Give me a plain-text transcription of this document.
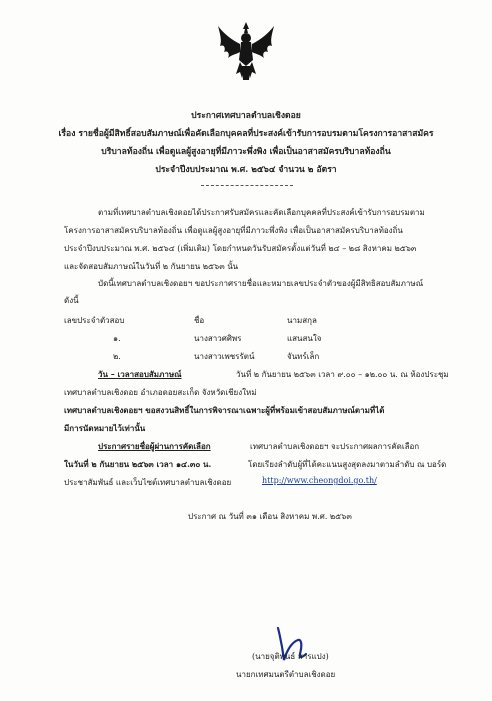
ประกาศเทศบาลตำบลเชิงดอย
เรื่อง รายชื่อผู้มีสิทธิ์สอบสัมภาษณ์เพื่อคัดเลือกบุคคลที่ประสงค์เข้ารับการอบรมตามโครงการอาสาสมัคร
บริบาลท้องถิ่น เพื่อดูแลผู้สูงอายุที่มีภาวะพึ่งพิง เพื่อเป็นอาสาสมัครบริบาลท้องถิ่น
ประจำปีงบประมาณ พ.ศ. ๒๕๖๔ จำนวน ๒ อัตรา
ตามที่เทศบาลตำบลเชิงดอยได้ประกาศรับสมัครและคัดเลือกบุคคลที่ประสงค์เข้ารับการอบรมตาม
โครงการอาสาสมัครบริบาลท้องถิ่น เพื่อดูแลผู้สูงอายุที่มีภาวะพึ่งพิง เพื่อเป็นอาสาสมัครบริบาลท้องถิ่น
ประจำปีงบประมาณ พ.ศ. ๒๕๖๔ (เพิ่มเติม) โดยกำหนดวันรับสมัครตั้งแต่วันที่ ๒๔ – ๒๘ สิงหาคม ๒๕๖๓
และจัดสอบสัมภาษณ์ในวันที่ ๒ กันยายน ๒๕๖๓ นั้น
บัดนี้เทศบาลตำบลเชิงดอยฯ ขอประกาศรายชื่อและหมายเลขประจำตัวของผู้มีสิทธิสอบสัมภาษณ์
ดังนี้
เลขประจำตัวสอบ	ชื่อ	นามสกุล
๑.	นางสาวศศิพร	แสนสนใจ
๒.	นางสาวเพชรรัตน์	จันทร์เล็ก
วัน – เวลาสอบสัมภาษณ์	วันที่ ๒ กันยายน ๒๕๖๓ เวลา ๙.๐๐ – ๑๒.๐๐ น. ณ ห้องประชุม
เทศบาลตำบลเชิงดอย อำเภอดอยสะเก็ด จังหวัดเชียงใหม่
เทศบาลตำบลเชิงดอยฯ ขอสงวนสิทธิ์ในการพิจารณาเฉพาะผู้ที่พร้อมเข้าสอบสัมภาษณ์ตามที่ได้
มีการนัดหมายไว้เท่านั้น
ประกาศรายชื่อผู้ผ่านการคัดเลือก	เทศบาลตำบลเชิงดอยฯ จะประกาศผลการคัดเลือก
ในวันที่ ๒ กันยายน ๒๕๖๓ เวลา ๑๔.๓๐ น.	โดยเรียงลำดับผู้ที่ได้คะแนนสูงสุดลงมาตามลำดับ ณ บอร์ด
ประชาสัมพันธ์ และเว็บไซต์เทศบาลตำบลเชิงดอย	http://www.cheongdoi.go.th/
ประกาศ ณ วันที่ ๓๑ เดือน สิงหาคม พ.ศ. ๒๕๖๓
(นายจุติพนธ์ สารแปง)
นายกเทศมนตรีตำบลเชิงดอย
